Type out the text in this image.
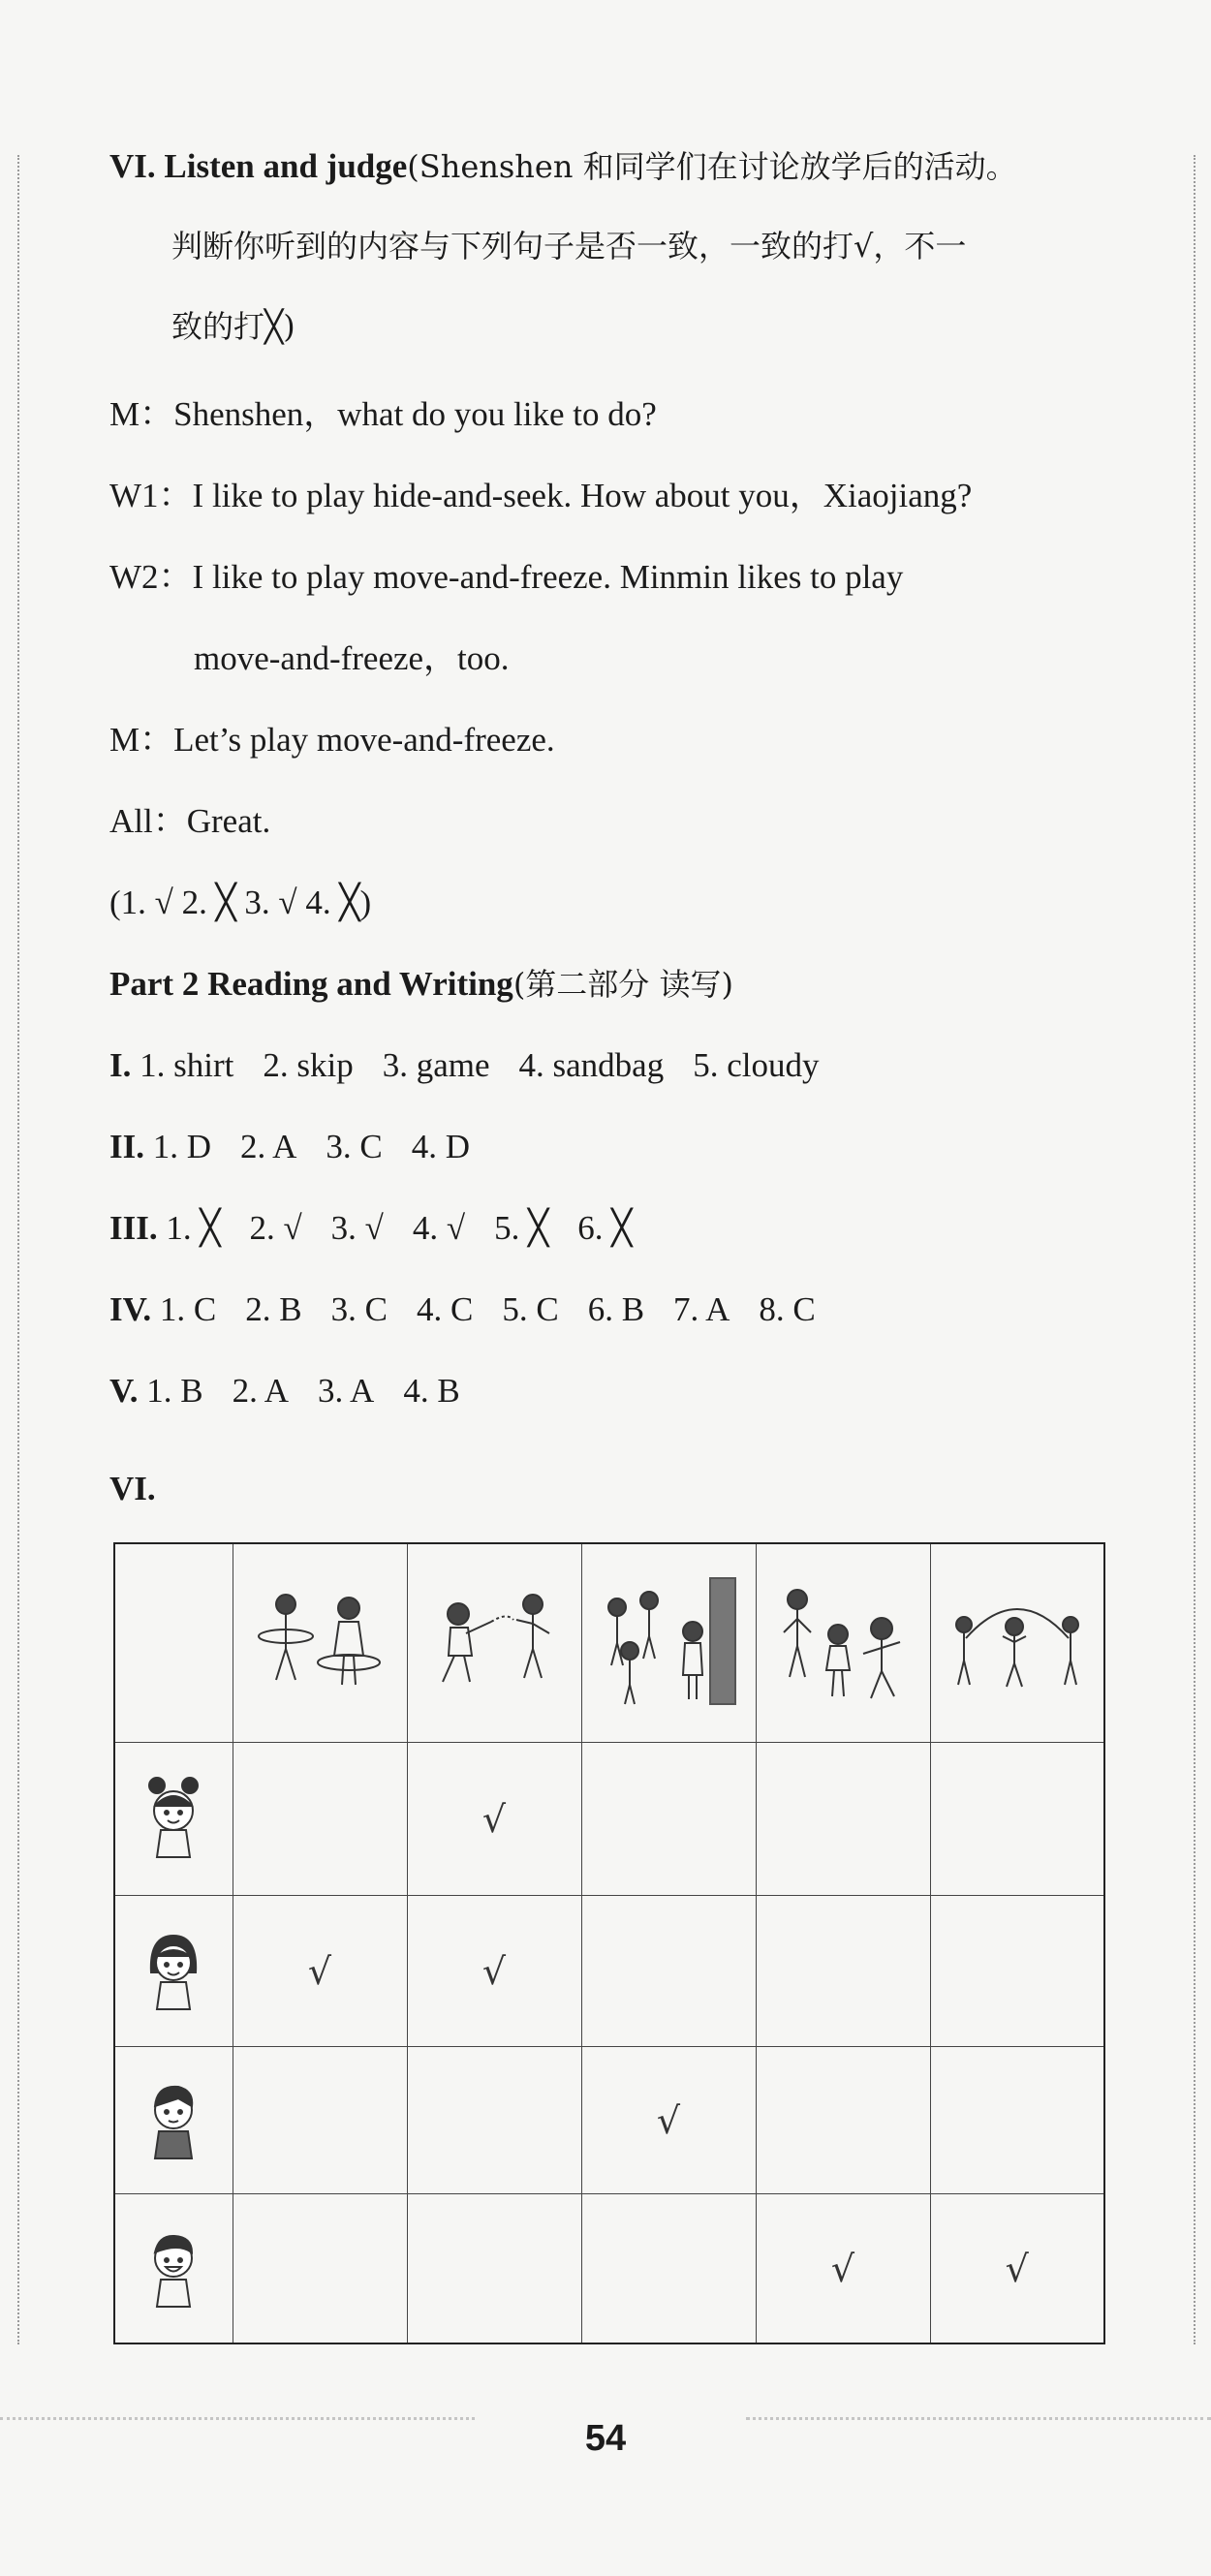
VI. Listen and judge(Shenshen 和同学们在讨论放学后的活动。
判断你听到的内容与下列句子是否一致，一致的打√，不一
致的打╳)
M：Shenshen，what do you like to do?
W1：I like to play hide-and-seek. How about you，Xiaojiang?
W2：I like to play move-and-freeze. Minmin likes to play
move-and-freeze，too.
M：Let’s play move-and-freeze.
All：Great.
(1. √ 2. ╳ 3. √ 4. ╳)
Part 2 Reading and Writing(第二部分 读写)
I. 1. shirt 2. skip 3. game 4. sandbag 5. cloudy
II. 1. D 2. A 3. C 4. D
III. 1. ╳ 2. √ 3. √ 4. √ 5. ╳ 6. ╳
IV. 1. C 2. B 3. C 4. C 5. C 6. B 7. A 8. C
V. 1. B 2. A 3. A 4. B
VI.

		√			
	√	√			
			√		
				√	√
54
